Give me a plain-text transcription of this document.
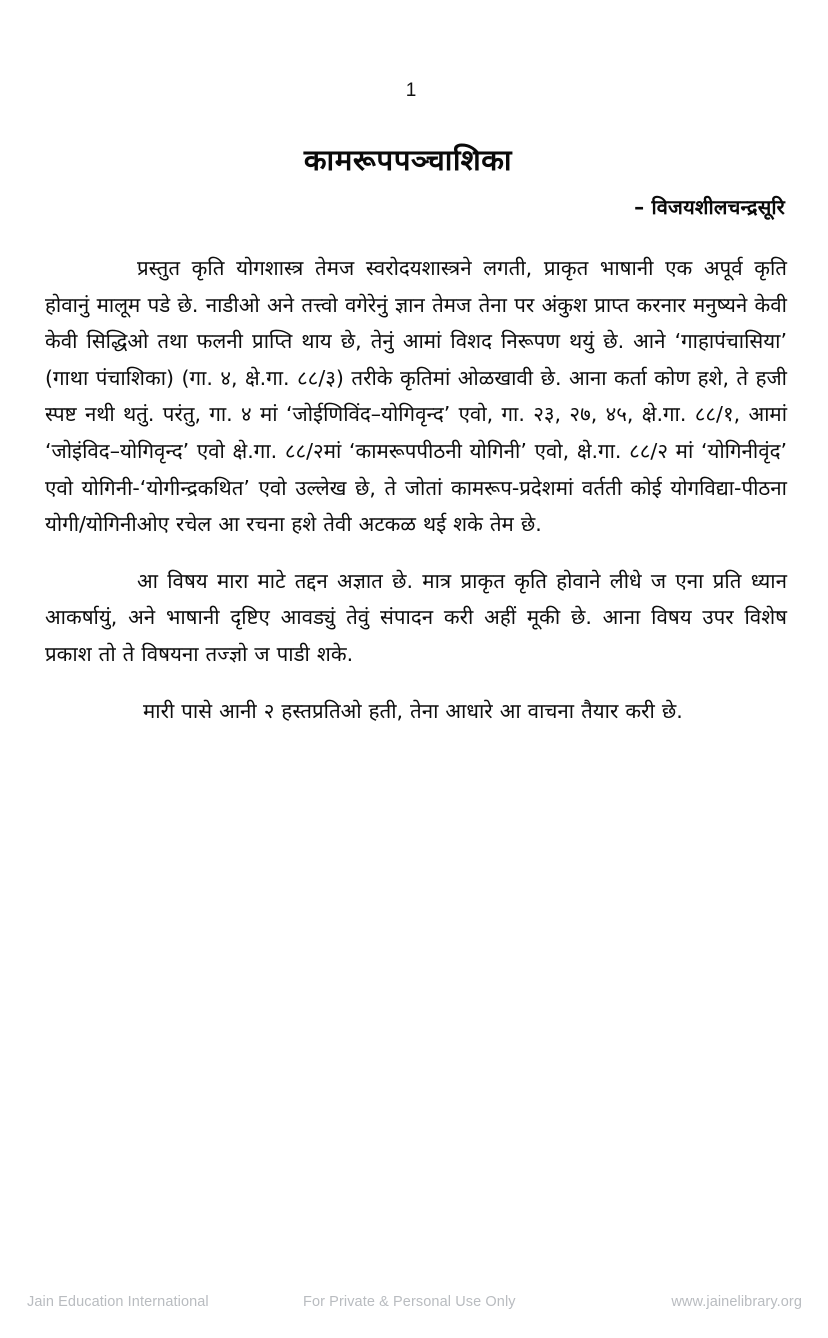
1
कामरूपपञ्चाशिका
– विजयशीलचन्द्रसूरि

प्रस्तुत कृति योगशास्त्र तेमज स्वरोदयशास्त्रने लगती, प्राकृत भाषानी एक अपूर्व कृति होवानुं मालूम पडे छे. नाडीओ अने तत्त्वो वगेरेनुं ज्ञान तेमज तेना पर अंकुश प्राप्त करनार मनुष्यने केवी केवी सिद्धिओ तथा फलनी प्राप्ति थाय छे, तेनुं आमां विशद निरूपण थयुं छे. आने ‘गाहापंचासिया’ (गाथा पंचाशिका) (गा. ४, क्षे.गा. ८८/३) तरीके कृतिमां ओळखावी छे. आना कर्ता कोण हशे, ते हजी स्पष्ट नथी थतुं. परंतु, गा. ४ मां ‘जोईणिविंद–योगिवृन्द’ एवो, गा. २३, २७, ४५, क्षे.गा. ८८/१, आमां ‘जोइंविद–योगिवृन्द’ एवो क्षे.गा. ८८/२मां ‘कामरूपपीठनी योगिनी’ एवो, क्षे.गा. ८८/२ मां ‘योगिनीवृंद’ एवो योगिनी-‘योगीन्द्रकथित’ एवो उल्लेख छे, ते जोतां कामरूप-प्रदेशमां वर्तती कोई योगविद्या-पीठना योगी/योगिनीओए रचेल आ रचना हशे तेवी अटकळ थई शके तेम छे.

आ विषय मारा माटे तद्दन अज्ञात छे. मात्र प्राकृत कृति होवाने लीधे ज एना प्रति ध्यान आकर्षायुं, अने भाषानी दृष्टिए आवड्युं तेवुं संपादन करी अहीं मूकी छे. आना विषय उपर विशेष प्रकाश तो ते विषयना तज्ज्ञो ज पाडी शके.

मारी पासे आनी २ हस्तप्रतिओ हती, तेना आधारे आ वाचना तैयार करी छे.

Jain Education International	For Private & Personal Use Only	www.jainelibrary.org
